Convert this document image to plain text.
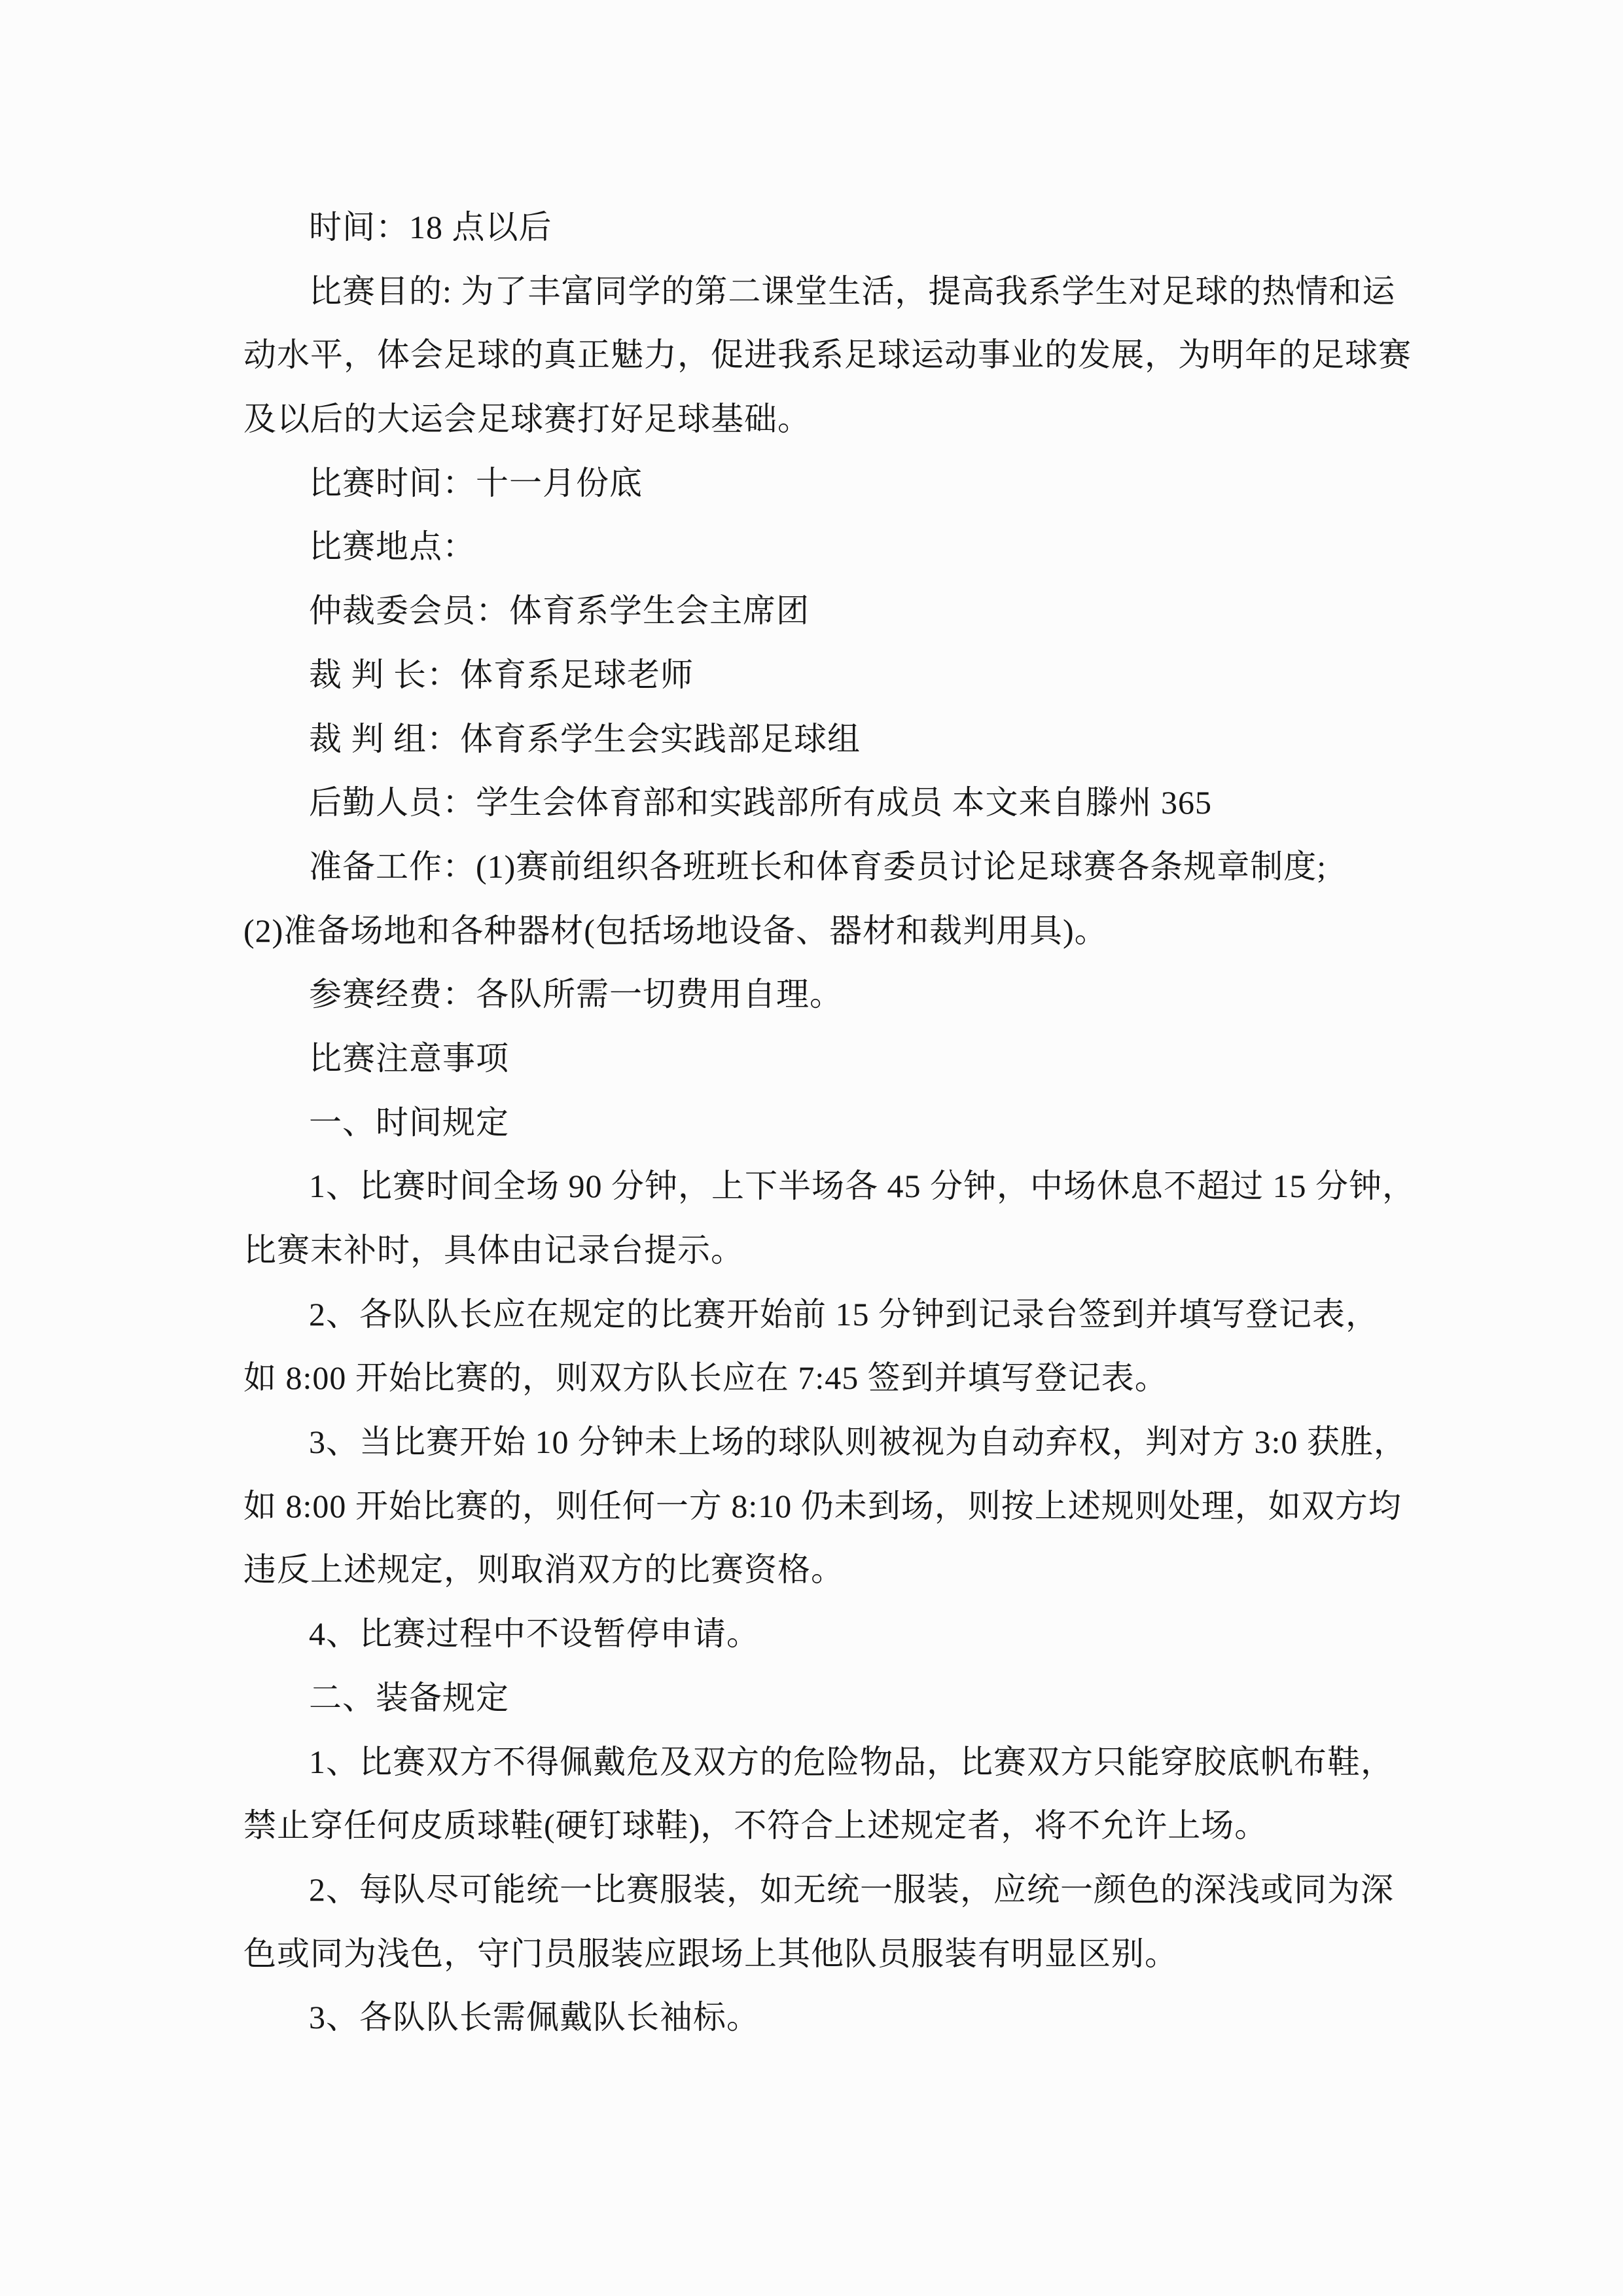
时间：18 点以后
比赛目的: 为了丰富同学的第二课堂生活，提高我系学生对足球的热情和运
动水平，体会足球的真正魅力，促进我系足球运动事业的发展，为明年的足球赛
及以后的大运会足球赛打好足球基础。
比赛时间：十一月份底
比赛地点：
仲裁委会员：体育系学生会主席团
裁 判 长：体育系足球老师
裁 判 组：体育系学生会实践部足球组
后勤人员：学生会体育部和实践部所有成员 本文来自滕州 365
准备工作：(1)赛前组织各班班长和体育委员讨论足球赛各条规章制度;
(2)准备场地和各种器材(包括场地设备、器材和裁判用具)。
参赛经费：各队所需一切费用自理。
比赛注意事项
一、时间规定
1、比赛时间全场 90 分钟，上下半场各 45 分钟，中场休息不超过 15 分钟，
比赛末补时，具体由记录台提示。
2、各队队长应在规定的比赛开始前 15 分钟到记录台签到并填写登记表，
如 8:00 开始比赛的，则双方队长应在 7:45 签到并填写登记表。
3、当比赛开始 10 分钟未上场的球队则被视为自动弃权，判对方 3:0 获胜，
如 8:00 开始比赛的，则任何一方 8:10 仍未到场，则按上述规则处理，如双方均
违反上述规定，则取消双方的比赛资格。
4、比赛过程中不设暂停申请。
二、装备规定
1、比赛双方不得佩戴危及双方的危险物品，比赛双方只能穿胶底帆布鞋，
禁止穿任何皮质球鞋(硬钉球鞋)，不符合上述规定者，将不允许上场。
2、每队尽可能统一比赛服装，如无统一服装，应统一颜色的深浅或同为深
色或同为浅色，守门员服装应跟场上其他队员服装有明显区别。
3、各队队长需佩戴队长袖标。
